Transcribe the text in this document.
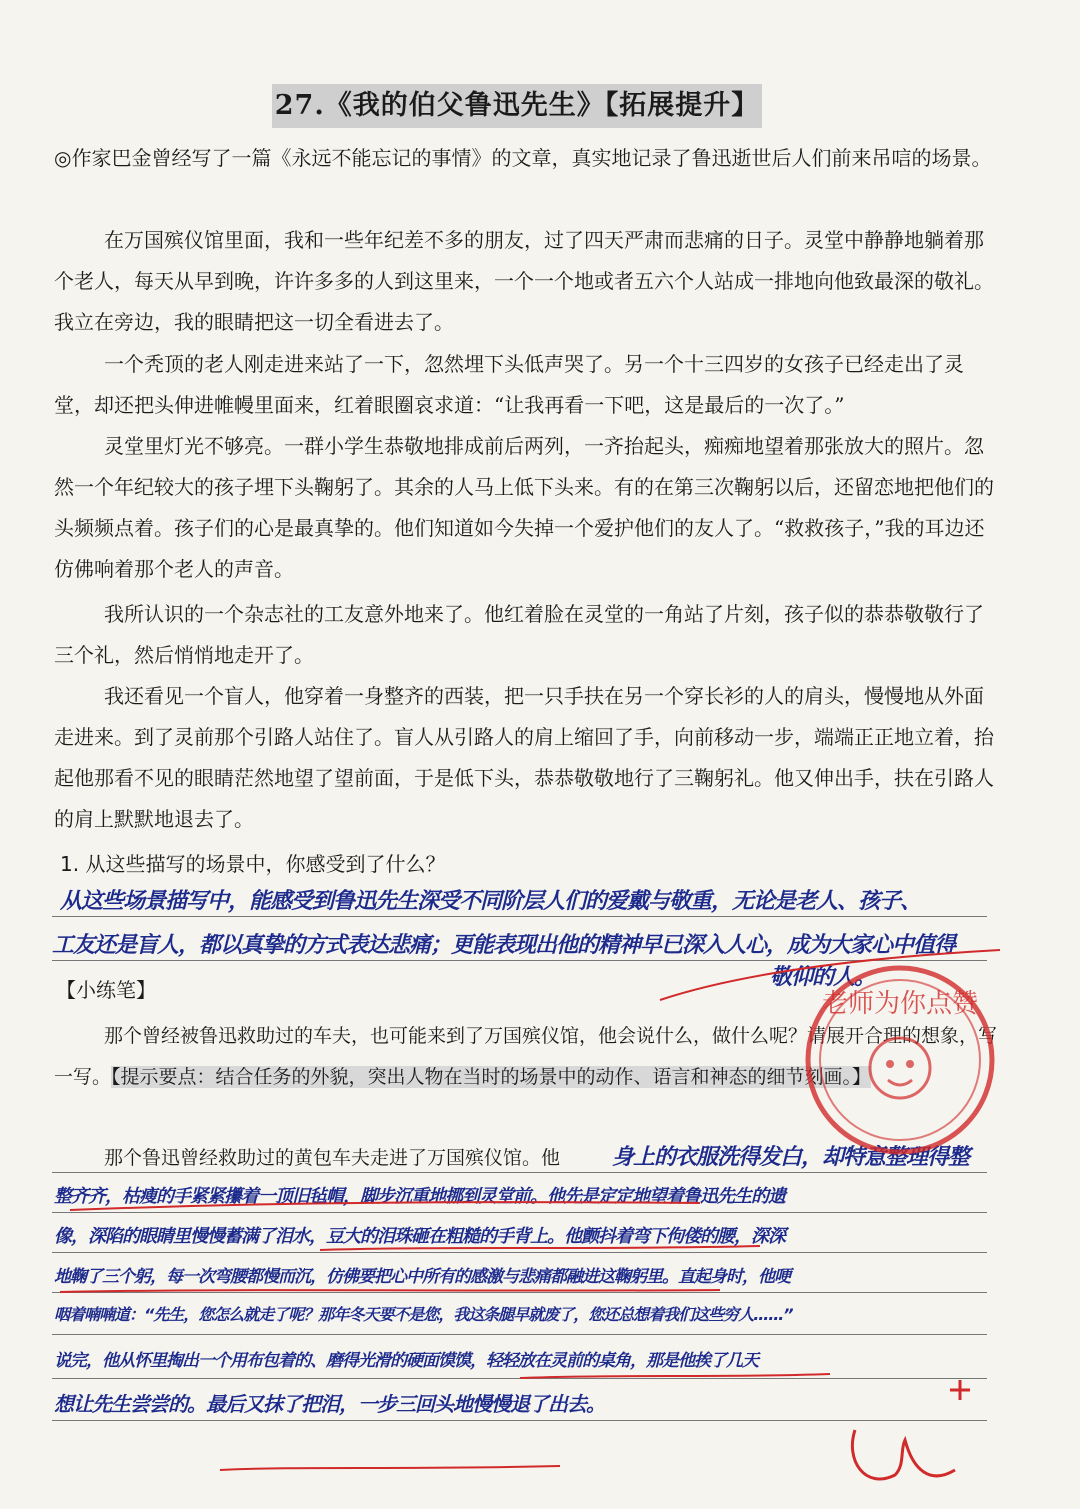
27.《我的伯父鲁迅先生》【拓展提升】
◎作家巴金曾经写了一篇《永远不能忘记的事情》的文章，真实地记录了鲁迅逝世后人们前来吊唁的场景。
在万国殡仪馆里面，我和一些年纪差不多的朋友，过了四天严肃而悲痛的日子。灵堂中静静地躺着那个老人，每天从早到晚，许许多多的人到这里来，一个一个地或者五六个人站成一排地向他致最深的敬礼。我立在旁边，我的眼睛把这一切全看进去了。
一个秃顶的老人刚走进来站了一下，忽然埋下头低声哭了。另一个十三四岁的女孩子已经走出了灵堂，却还把头伸进帷幔里面来，红着眼圈哀求道：“让我再看一下吧，这是最后的一次了。”
灵堂里灯光不够亮。一群小学生恭敬地排成前后两列，一齐抬起头，痴痴地望着那张放大的照片。忽然一个年纪较大的孩子埋下头鞠躬了。其余的人马上低下头来。有的在第三次鞠躬以后，还留恋地把他们的头频频点着。孩子们的心是最真挚的。他们知道如今失掉一个爱护他们的友人了。“救救孩子，”我的耳边还仿佛响着那个老人的声音。
我所认识的一个杂志社的工友意外地来了。他红着脸在灵堂的一角站了片刻，孩子似的恭恭敬敬行了三个礼，然后悄悄地走开了。
我还看见一个盲人，他穿着一身整齐的西装，把一只手扶在另一个穿长衫的人的肩头，慢慢地从外面走进来。到了灵前那个引路人站住了。盲人从引路人的肩上缩回了手，向前移动一步，端端正正地立着，抬起他那看不见的眼睛茫然地望了望前面，于是低下头，恭恭敬敬地行了三鞠躬礼。他又伸出手，扶在引路人的肩上默默地退去了。
1. 从这些描写的场景中，你感受到了什么？
从这些场景描写中，能感受到鲁迅先生深受不同阶层人们的爱戴与敬重，无论是老人、孩子、
工友还是盲人，都以真挚的方式表达悲痛；更能表现出他的精神早已深入人心，成为大家心中值得
敬仰的人。
【小练笔】
那个曾经被鲁迅救助过的车夫，也可能来到了万国殡仪馆，他会说什么，做什么呢？请展开合理的想象，写一写。【提示要点：结合任务的外貌，突出人物在当时的场景中的动作、语言和神态的细节刻画。】
那个鲁迅曾经救助过的黄包车夫走进了万国殡仪馆。他	身上的衣服洗得发白，却特意整理得整
整齐齐，枯瘦的手紧紧攥着一顶旧毡帽，脚步沉重地挪到灵堂前。他先是定定地望着鲁迅先生的遗
像，深陷的眼睛里慢慢蓄满了泪水，豆大的泪珠砸在粗糙的手背上。他颤抖着弯下佝偻的腰，深深
地鞠了三个躬，每一次弯腰都慢而沉，仿佛要把心中所有的感激与悲痛都融进这鞠躬里。直起身时，他哽
咽着喃喃道：“先生，您怎么就走了呢？那年冬天要不是您，我这条腿早就废了，您还总想着我们这些穷人……”
说完，他从怀里掏出一个用布包着的、磨得光滑的硬面馍馍，轻轻放在灵前的桌角，那是他挨了几天
想让先生尝尝的。最后又抹了把泪，一步三回头地慢慢退了出去。
老师为你点赞
